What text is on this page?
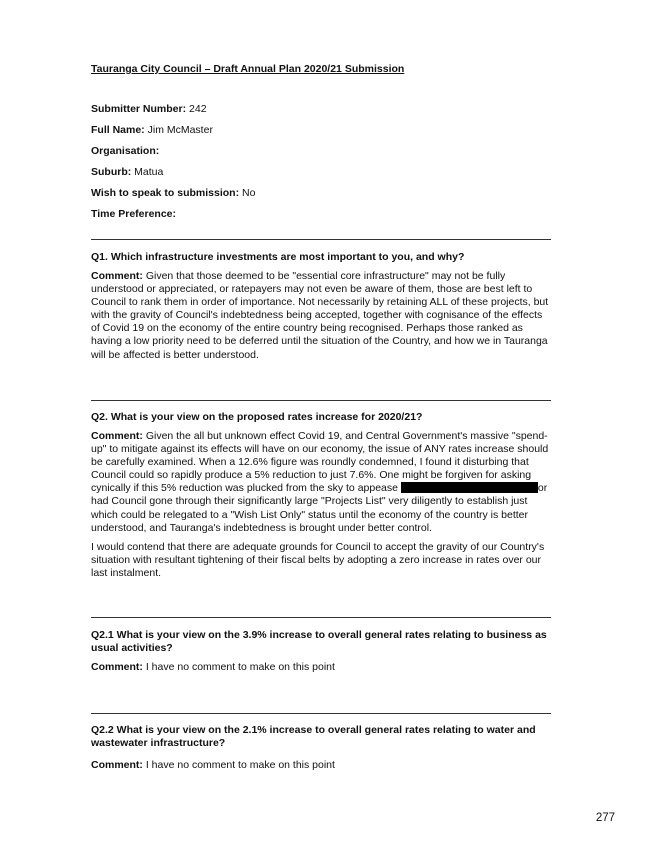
Tauranga City Council – Draft Annual Plan 2020/21 Submission
Submitter Number: 242
Full Name: Jim McMaster
Organisation:
Suburb: Matua
Wish to speak to submission: No
Time Preference:
Q1. Which infrastructure investments are most important to you, and why?

Comment: Given that those deemed to be "essential core infrastructure" may not be fully understood or appreciated, or ratepayers may not even be aware of them, those are best left to Council to rank them in order of importance. Not necessarily by retaining ALL of these projects, but with the gravity of Council's indebtedness being accepted, together with cognisance of the effects of Covid 19 on the economy of the entire country being recognised. Perhaps those ranked as having a low priority need to be deferred until the situation of the Country, and how we in Tauranga will be affected is better understood.

Q2. What is your view on the proposed rates increase for 2020/21?

Comment: Given the all but unknown effect Covid 19, and Central Government's massive "spend-up" to mitigate against its effects will have on our economy, the issue of ANY rates increase should be carefully examined. When a 12.6% figure was roundly condemned, I found it disturbing that Council could so rapidly produce a 5% reduction to just 7.6%. One might be forgiven for asking cynically if this 5% reduction was plucked from the sky to appease	or had Council gone through their significantly large "Projects List" very diligently to establish just which could be relegated to a "Wish List Only" status until the economy of the country is better understood, and Tauranga's indebtedness is brought under better control.

I would contend that there are adequate grounds for Council to accept the gravity of our Country's situation with resultant tightening of their fiscal belts by adopting a zero increase in rates over our last instalment.

Q2.1 What is your view on the 3.9% increase to overall general rates relating to business as usual activities?

Comment: I have no comment to make on this point

Q2.2 What is your view on the 2.1% increase to overall general rates relating to water and wastewater infrastructure?

Comment: I have no comment to make on this point

277
